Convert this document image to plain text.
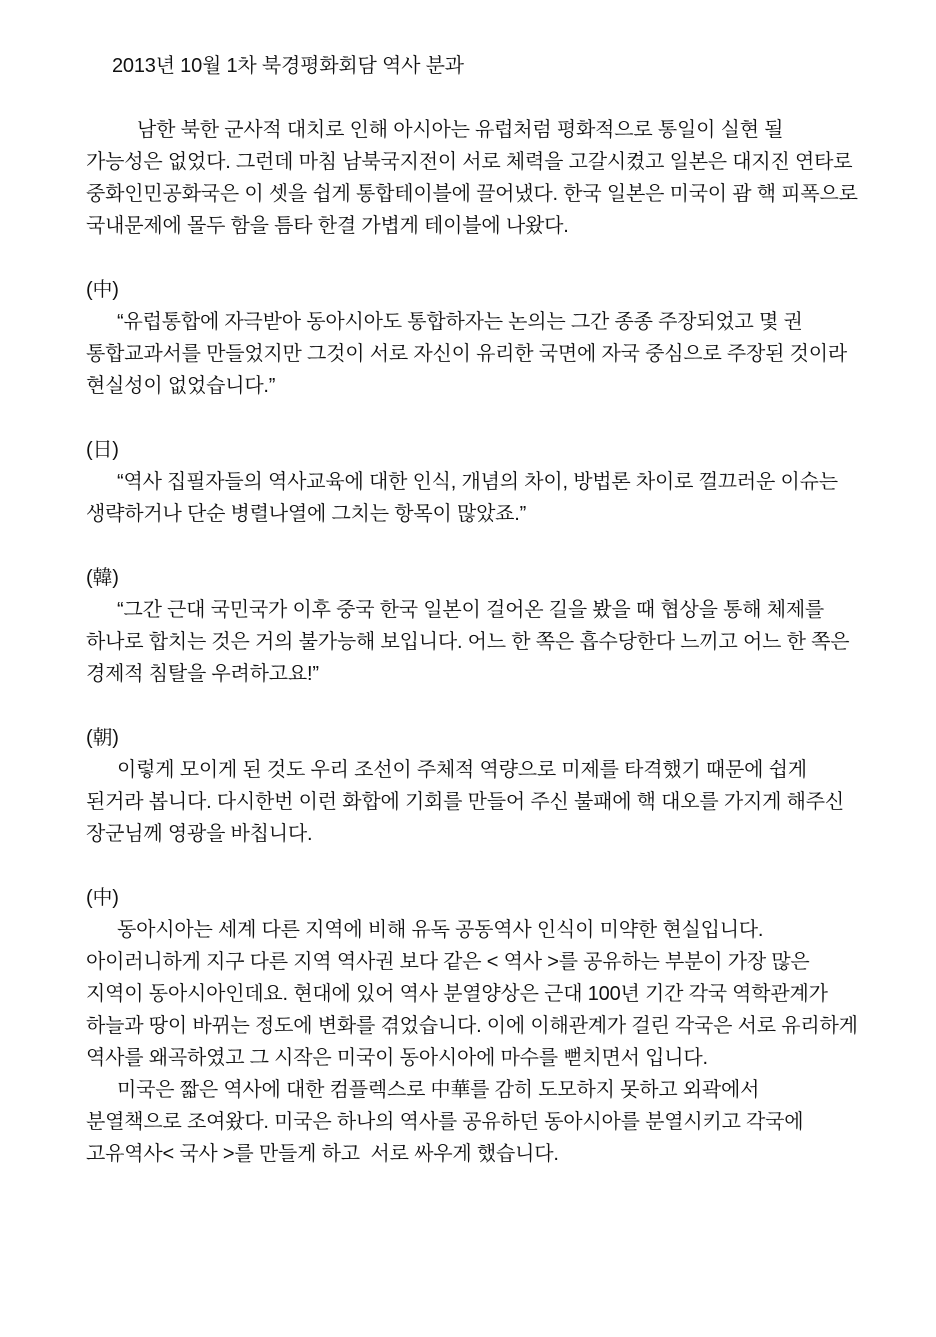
2013년 10월 1차 북경평화회담 역사 분과

남한 북한 군사적 대치로 인해 아시아는 유럽처럼 평화적으로 통일이 실현 될 가능성은 없었다. 그런데 마침 남북국지전이 서로 체력을 고갈시켰고 일본은 대지진 연타로 중화인민공화국은 이 셋을 쉽게 통합테이블에 끌어냈다. 한국 일본은 미국이 괌 핵 피폭으로 국내문제에 몰두 함을 틈타 한결 가볍게 테이블에 나왔다.

(中)

“유럽통합에 자극받아 동아시아도 통합하자는 논의는 그간 종종 주장되었고 몇 권 통합교과서를 만들었지만 그것이 서로 자신이 유리한 국면에 자국 중심으로 주장된 것이라 현실성이 없었습니다.”

(日)

“역사 집필자들의 역사교육에 대한 인식, 개념의 차이, 방법론 차이로 껄끄러운 이슈는 생략하거나 단순 병렬나열에 그치는 항목이 많았죠.”

(韓)

“그간 근대 국민국가 이후 중국 한국 일본이 걸어온 길을 봤을 때 협상을 통해 체제를 하나로 합치는 것은 거의 불가능해 보입니다. 어느 한 쪽은 흡수당한다 느끼고 어느 한 쪽은 경제적 침탈을 우려하고요!”

(朝)

이렇게 모이게 된 것도 우리 조선이 주체적 역량으로 미제를 타격했기 때문에 쉽게 된거라 봅니다. 다시한번 이런 화합에 기회를 만들어 주신 불패에 핵 대오를 가지게 해주신 장군님께 영광을 바칩니다.

(中)

동아시아는 세계 다른 지역에 비해 유독 공동역사 인식이 미약한 현실입니다. 아이러니하게 지구 다른 지역 역사권 보다 같은 < 역사 >를 공유하는 부분이 가장 많은 지역이 동아시아인데요. 현대에 있어 역사 분열양상은 근대 100년 기간 각국 역학관계가 하늘과 땅이 바뀌는 정도에 변화를 겪었습니다. 이에 이해관계가 걸린 각국은 서로 유리하게 역사를 왜곡하였고 그 시작은 미국이 동아시아에 마수를 뻗치면서 입니다.

미국은 짧은 역사에 대한 컴플렉스로 中華를 감히 도모하지 못하고 외곽에서 분열책으로 조여왔다. 미국은 하나의 역사를 공유하던 동아시아를 분열시키고 각국에 고유역사< 국사 >를 만들게 하고  서로 싸우게 했습니다.
